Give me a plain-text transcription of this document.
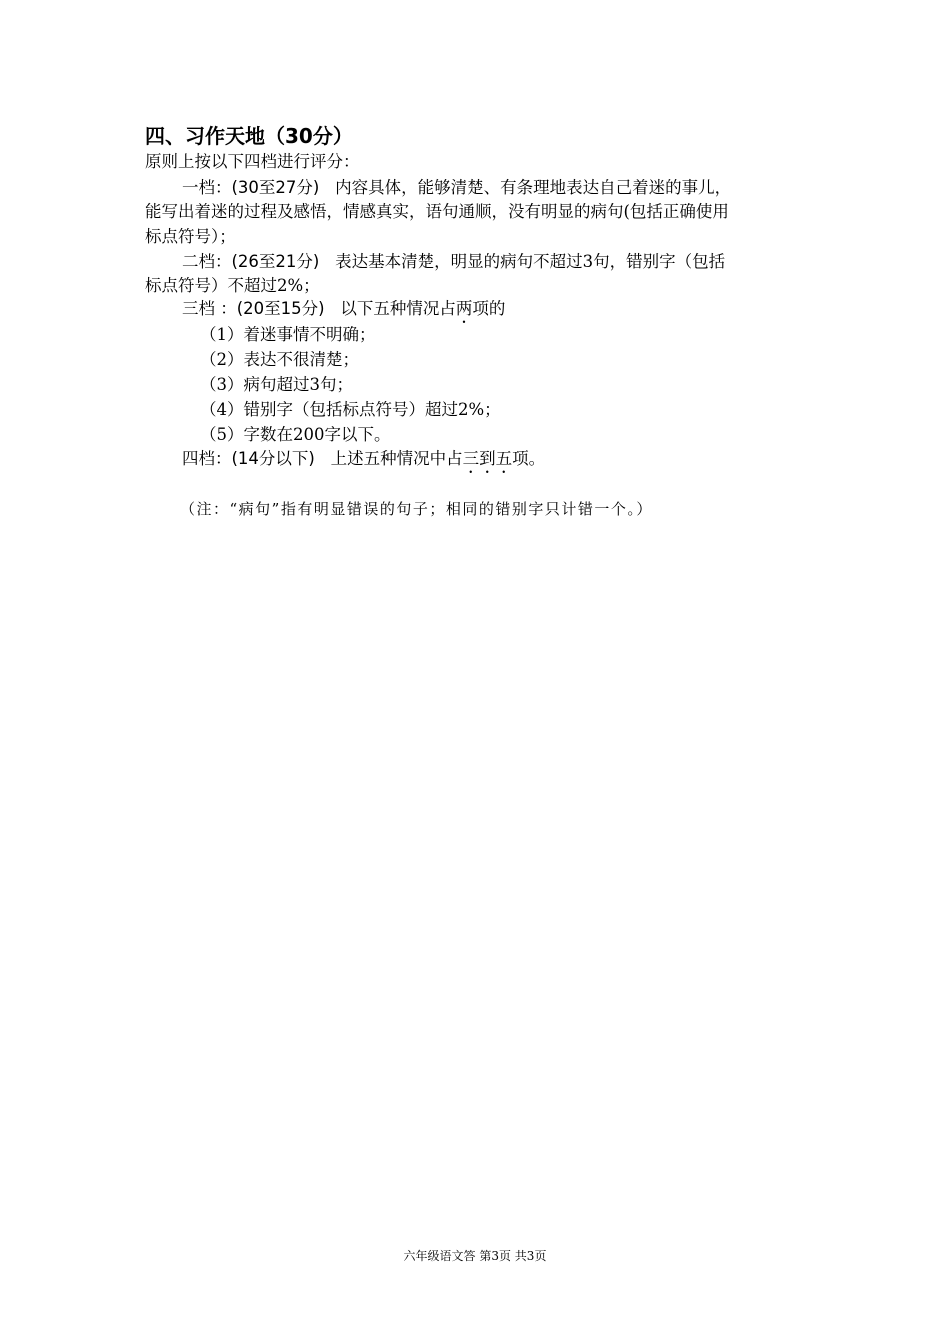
四、习作天地（30分）
原则上按以下四档进行评分：
一档：(30至27分) 内容具体，能够清楚、有条理地表达自己着迷的事儿，
能写出着迷的过程及感悟，情感真实，语句通顺，没有明显的病句(包括正确使用
标点符号）；
二档：(26至21分) 表达基本清楚，明显的病句不超过3句，错别字（包括
标点符号）不超过2%；
三档 ：(20至15分) 以下五种情况占两项的
（1）着迷事情不明确；
（2）表达不很清楚；
（3）病句超过3句；
（4）错别字（包括标点符号）超过2%；
（5）字数在200字以下。
四档：(14分以下) 上述五种情况中占三到五项。
（注：“病句”指有明显错误的句子；相同的错别字只计错一个。）
六年级语文答 第3页 共3页
